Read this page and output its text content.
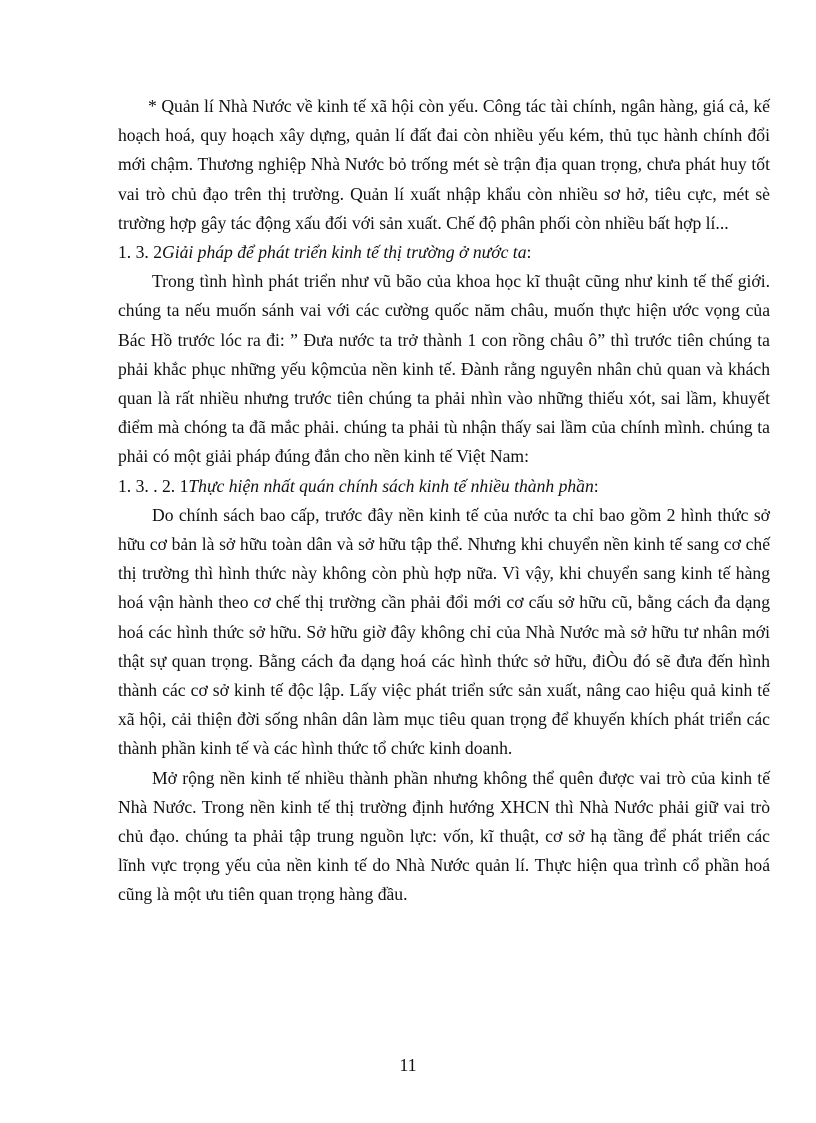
* Quản lí Nhà Nước về kinh tế xã hội còn yếu. Công tác tài chính, ngân hàng, giá cả, kế hoạch hoá, quy hoạch xây dựng, quản lí đất đai còn nhiều yếu kém, thủ tục hành chính đổi mới chậm. Thương nghiệp Nhà Nước bỏ trống mét sè trận địa quan trọng, chưa phát huy tốt vai trò chủ đạo trên thị trường. Quản lí xuất nhập khẩu còn nhiều sơ hở, tiêu cực, mét sè trường hợp gây tác động xấu đối với sản xuất. Chế độ phân phối còn nhiều bất hợp lí...

1. 3. 2Giải pháp để phát triển kinh tế thị trường ở nước ta:

Trong tình hình phát triển như vũ bão của khoa học kĩ thuật cũng như kinh tế thế giới. chúng ta nếu muốn sánh vai với các cường quốc năm châu, muốn thực hiện ước vọng của Bác Hồ trước lóc ra đi: ” Đưa nước ta trở thành 1 con rồng châu ô” thì trước tiên chúng ta phải khắc phục những yếu kộmcủa nền kinh tế. Đành rằng nguyên nhân chủ quan và khách quan là rất nhiều nhưng trước tiên chúng ta phải nhìn vào những thiếu xót, sai lầm, khuyết điểm mà chóng ta đã mắc phải. chúng ta phải tù nhận thấy sai lầm của chính mình. chúng ta phải có một giải pháp đúng đắn cho nền kinh tế Việt Nam:

1. 3. . 2. 1Thực hiện nhất quán chính sách kinh tế nhiều thành phần:

Do chính sách bao cấp, trước đây nền kinh tế của nước ta chỉ bao gồm 2 hình thức sở hữu cơ bản là sở hữu toàn dân và sở hữu tập thể. Nhưng khi chuyển nền kinh tế sang cơ chế thị trường thì hình thức này không còn phù hợp nữa. Vì vậy, khi chuyển sang kinh tế hàng hoá vận hành theo cơ chế thị trường cần phải đổi mới cơ cấu sở hữu cũ, bằng cách đa dạng hoá các hình thức sở hữu. Sở hữu giờ đây không chỉ của Nhà Nước mà sở hữu tư nhân mới thật sự quan trọng. Bằng cách đa dạng hoá các hình thức sở hữu, điÒu đó sẽ đưa đến hình thành các cơ sở kinh tế độc lập. Lấy việc phát triển sức sản xuất, nâng cao hiệu quả kinh tế xã hội, cải thiện đời sống nhân dân làm mục tiêu quan trọng để khuyến khích phát triển các thành phần kinh tế và các hình thức tổ chức kinh doanh.

Mở rộng nền kinh tế nhiều thành phần nhưng không thể quên được vai trò của kinh tế Nhà Nước. Trong nền kinh tế thị trường định hướng XHCN thì Nhà Nước phải giữ vai trò chủ đạo. chúng ta phải tập trung nguồn lực: vốn, kĩ thuật, cơ sở hạ tầng để phát triển các lĩnh vực trọng yếu của nền kinh tế do Nhà Nước quản lí. Thực hiện qua trình cổ phần hoá cũng là một ưu tiên quan trọng hàng đầu.

11
